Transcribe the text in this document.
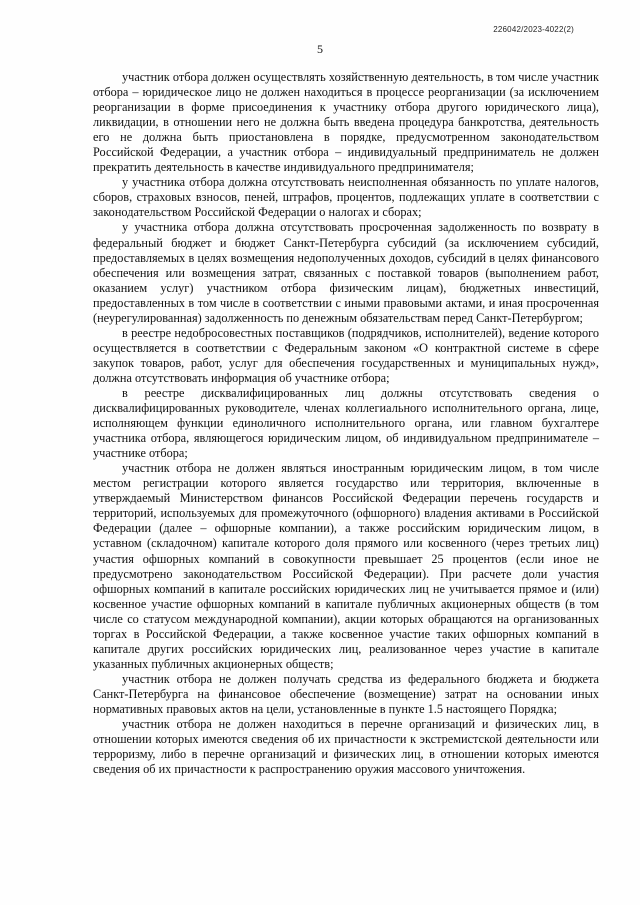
226042/2023-4022(2)
5

участник отбора должен осуществлять хозяйственную деятельность, в том числе участник отбора – юридическое лицо не должен находиться в процессе реорганизации (за исключением реорганизации в форме присоединения к участнику отбора другого юридического лица), ликвидации, в отношении него не должна быть введена процедура банкротства, деятельность его не должна быть приостановлена в порядке, предусмотренном законодательством Российской Федерации, а участник отбора – индивидуальный предприниматель не должен прекратить деятельность в качестве индивидуального предпринимателя;

у участника отбора должна отсутствовать неисполненная обязанность по уплате налогов, сборов, страховых взносов, пеней, штрафов, процентов, подлежащих уплате в соответствии с законодательством Российской Федерации о налогах и сборах;

у участника отбора должна отсутствовать просроченная задолженность по возврату в федеральный бюджет и бюджет Санкт-Петербурга субсидий (за исключением субсидий, предоставляемых в целях возмещения недополученных доходов, субсидий в целях финансового обеспечения или возмещения затрат, связанных с поставкой товаров (выполнением работ, оказанием услуг) участником отбора физическим лицам), бюджетных инвестиций, предоставленных в том числе в соответствии с иными правовыми актами, и иная просроченная (неурегулированная) задолженность по денежным обязательствам перед Санкт-Петербургом;

в реестре недобросовестных поставщиков (подрядчиков, исполнителей), ведение которого осуществляется в соответствии с Федеральным законом «О контрактной системе в сфере закупок товаров, работ, услуг для обеспечения государственных и муниципальных нужд», должна отсутствовать информация об участнике отбора;

в реестре дисквалифицированных лиц должны отсутствовать сведения о дисквалифицированных руководителе, членах коллегиального исполнительного органа, лице, исполняющем функции единоличного исполнительного органа, или главном бухгалтере участника отбора, являющегося юридическим лицом, об индивидуальном предпринимателе – участнике отбора;

участник отбора не должен являться иностранным юридическим лицом, в том числе местом регистрации которого является государство или территория, включенные в утверждаемый Министерством финансов Российской Федерации перечень государств и территорий, используемых для промежуточного (офшорного) владения активами в Российской Федерации (далее – офшорные компании), а также российским юридическим лицом, в уставном (складочном) капитале которого доля прямого или косвенного (через третьих лиц) участия офшорных компаний в совокупности превышает 25 процентов (если иное не предусмотрено законодательством Российской Федерации). При расчете доли участия офшорных компаний в капитале российских юридических лиц не учитывается прямое и (или) косвенное участие офшорных компаний в капитале публичных акционерных обществ (в том числе со статусом международной компании), акции которых обращаются на организованных торгах в Российской Федерации, а также косвенное участие таких офшорных компаний в капитале других российских юридических лиц, реализованное через участие в капитале указанных публичных акционерных обществ;

участник отбора не должен получать средства из федерального бюджета и бюджета Санкт-Петербурга на финансовое обеспечение (возмещение) затрат на основании иных нормативных правовых актов на цели, установленные в пункте 1.5 настоящего Порядка;

участник отбора не должен находиться в перечне организаций и физических лиц, в отношении которых имеются сведения об их причастности к экстремистской деятельности или терроризму, либо в перечне организаций и физических лиц, в отношении которых имеются сведения об их причастности к распространению оружия массового уничтожения.
